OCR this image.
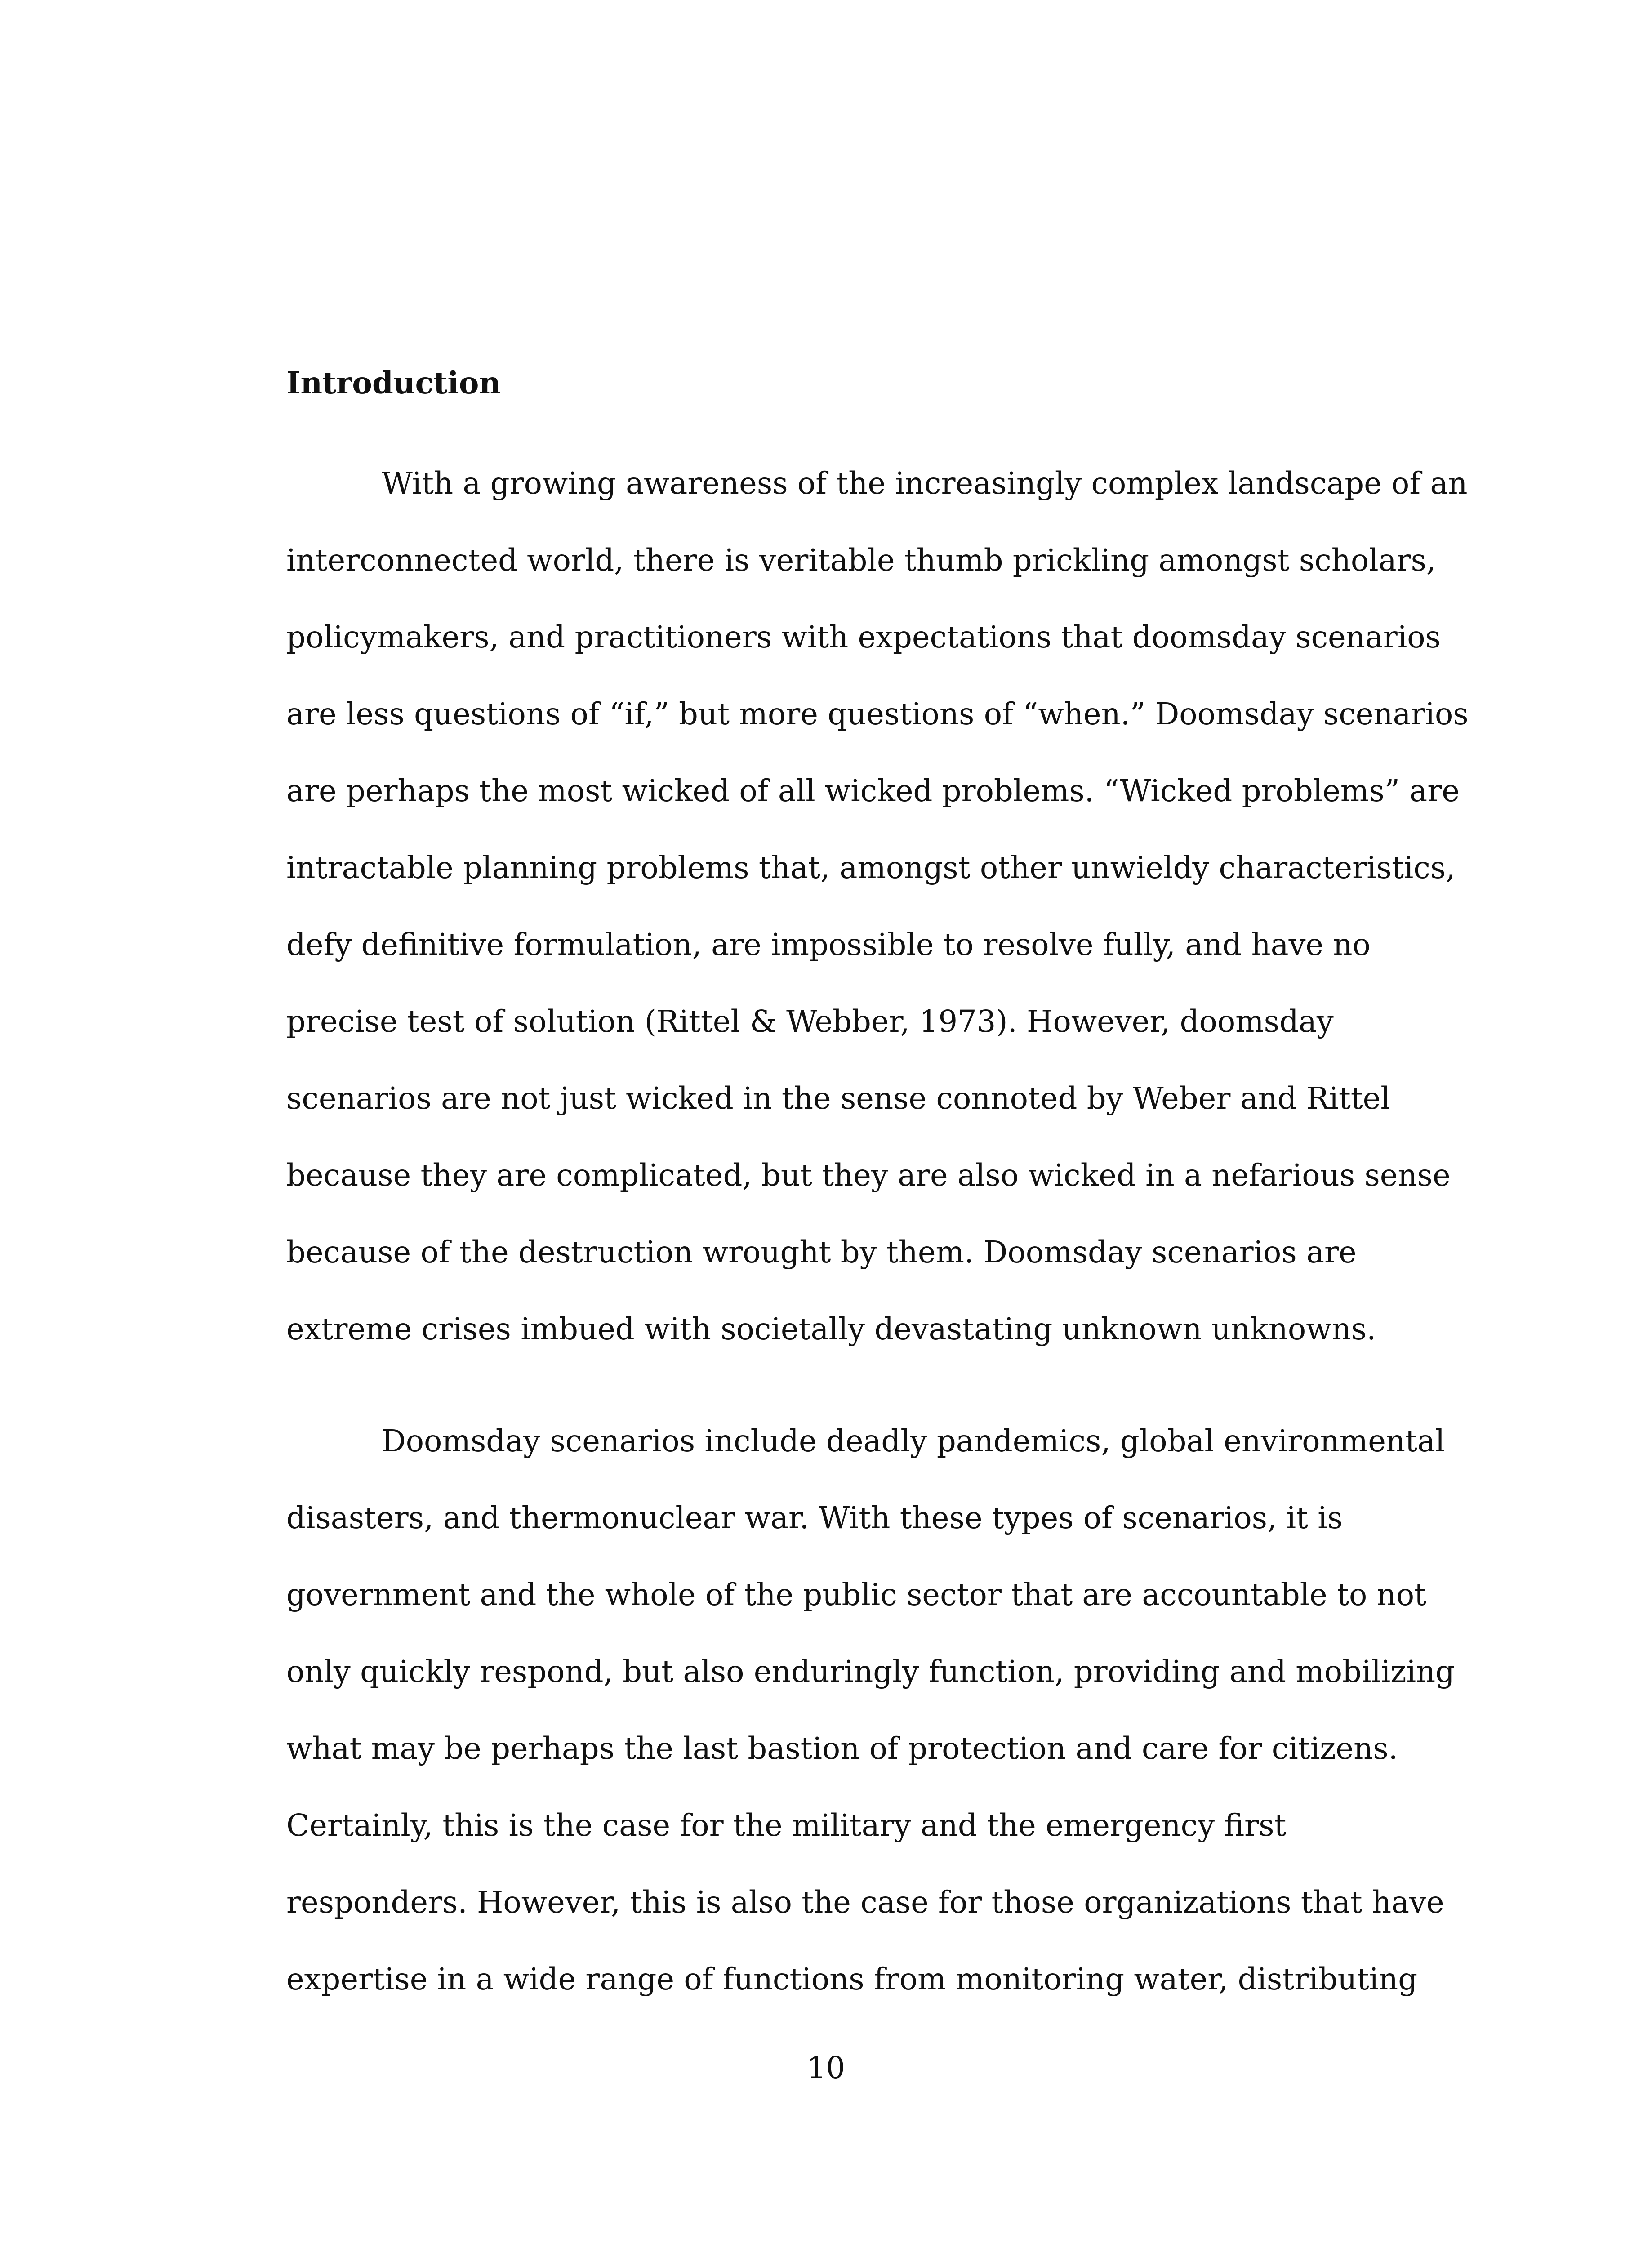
Introduction
With a growing awareness of the increasingly complex landscape of an
interconnected world, there is veritable thumb prickling amongst scholars,
policymakers, and practitioners with expectations that doomsday scenarios
are less questions of “if,” but more questions of “when.” Doomsday scenarios
are perhaps the most wicked of all wicked problems. “Wicked problems” are
intractable planning problems that, amongst other unwieldy characteristics,
defy definitive formulation, are impossible to resolve fully, and have no
precise test of solution (Rittel & Webber, 1973). However, doomsday
scenarios are not just wicked in the sense connoted by Weber and Rittel
because they are complicated, but they are also wicked in a nefarious sense
because of the destruction wrought by them. Doomsday scenarios are
extreme crises imbued with societally devastating unknown unknowns.
Doomsday scenarios include deadly pandemics, global environmental
disasters, and thermonuclear war. With these types of scenarios, it is
government and the whole of the public sector that are accountable to not
only quickly respond, but also enduringly function, providing and mobilizing
what may be perhaps the last bastion of protection and care for citizens.
Certainly, this is the case for the military and the emergency first
responders. However, this is also the case for those organizations that have
expertise in a wide range of functions from monitoring water, distributing
10
